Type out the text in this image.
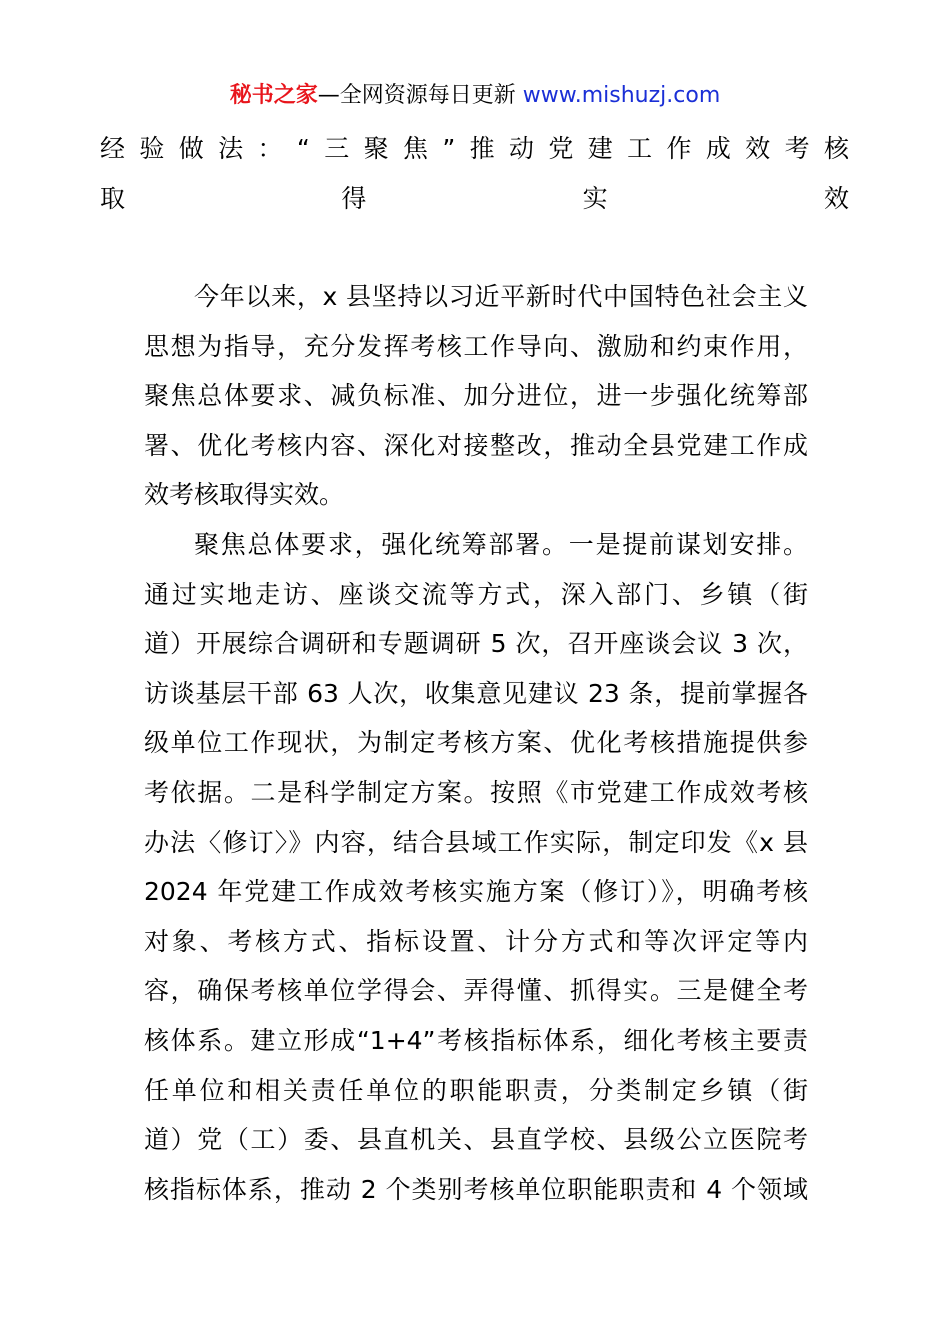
秘书之家—全网资源每日更新 www.mishuzj.com
经验做法：“三聚焦”推动党建工作成效考核
取得实效
今年以来，x 县坚持以习近平新时代中国特色社会主义
思想为指导，充分发挥考核工作导向、激励和约束作用，
聚焦总体要求、减负标准、加分进位，进一步强化统筹部
署、优化考核内容、深化对接整改，推动全县党建工作成
效考核取得实效。
聚焦总体要求，强化统筹部署。一是提前谋划安排。
通过实地走访、座谈交流等方式，深入部门、乡镇（街
道）开展综合调研和专题调研 5 次，召开座谈会议 3 次，
访谈基层干部 63 人次，收集意见建议 23 条，提前掌握各
级单位工作现状，为制定考核方案、优化考核措施提供参
考依据。二是科学制定方案。按照《市党建工作成效考核
办法〈修订〉》内容，结合县域工作实际，制定印发《x 县
2024 年党建工作成效考核实施方案（修订）》，明确考核
对象、考核方式、指标设置、计分方式和等次评定等内
容，确保考核单位学得会、弄得懂、抓得实。三是健全考
核体系。建立形成“1+4”考核指标体系，细化考核主要责
任单位和相关责任单位的职能职责，分类制定乡镇（街
道）党（工）委、县直机关、县直学校、县级公立医院考
核指标体系，推动 2 个类别考核单位职能职责和 4 个领域
